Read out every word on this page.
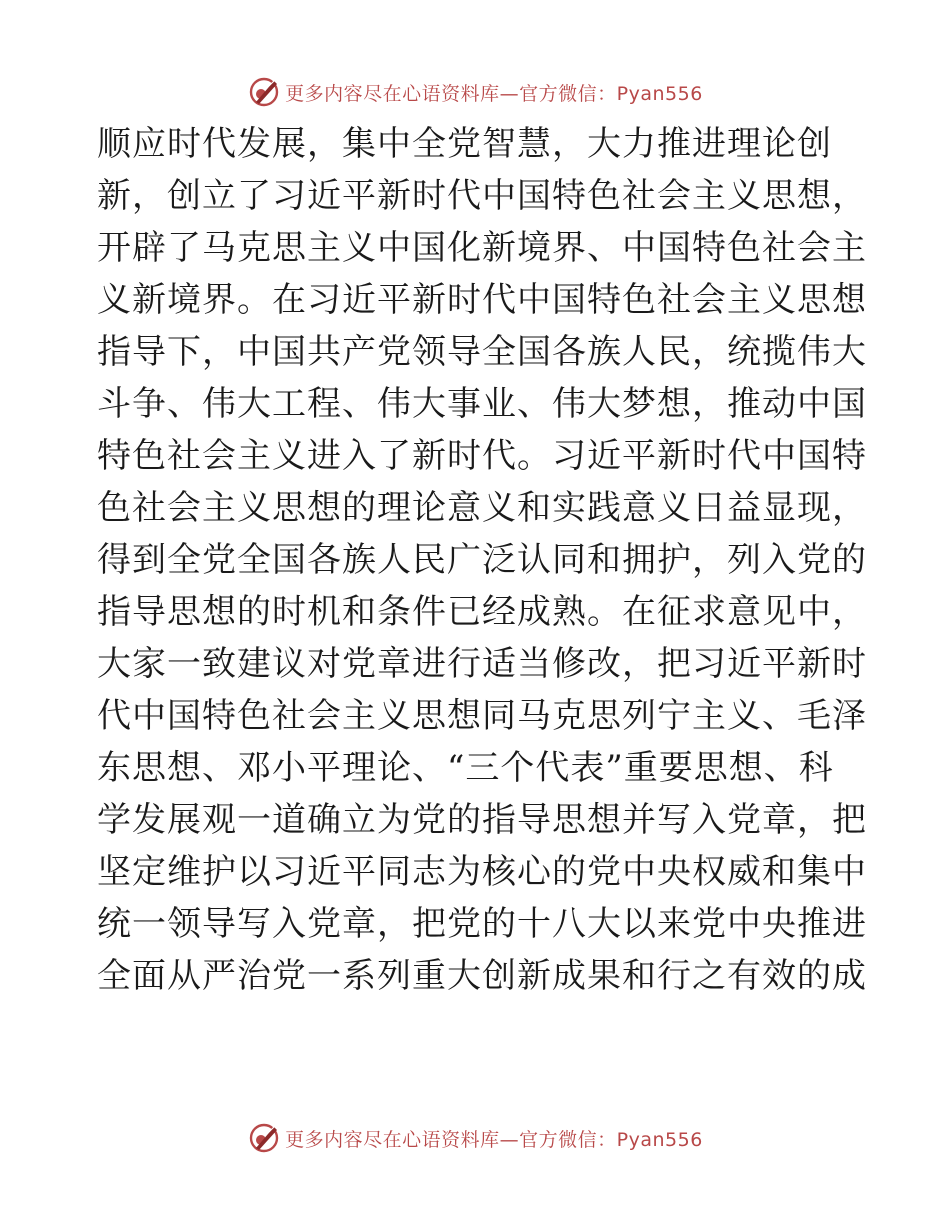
更多内容尽在心语资料库—官方微信：Pyan556
顺应时代发展，集中全党智慧，大力推进理论创
新，创立了习近平新时代中国特色社会主义思想，
开辟了马克思主义中国化新境界、中国特色社会主
义新境界。在习近平新时代中国特色社会主义思想
指导下，中国共产党领导全国各族人民，统揽伟大
斗争、伟大工程、伟大事业、伟大梦想，推动中国
特色社会主义进入了新时代。习近平新时代中国特
色社会主义思想的理论意义和实践意义日益显现，
得到全党全国各族人民广泛认同和拥护，列入党的
指导思想的时机和条件已经成熟。在征求意见中，
大家一致建议对党章进行适当修改，把习近平新时
代中国特色社会主义思想同马克思列宁主义、毛泽
东思想、邓小平理论、“三个代表”重要思想、科
学发展观一道确立为党的指导思想并写入党章，把
坚定维护以习近平同志为核心的党中央权威和集中
统一领导写入党章，把党的十八大以来党中央推进
全面从严治党一系列重大创新成果和行之有效的成
更多内容尽在心语资料库—官方微信：Pyan556
